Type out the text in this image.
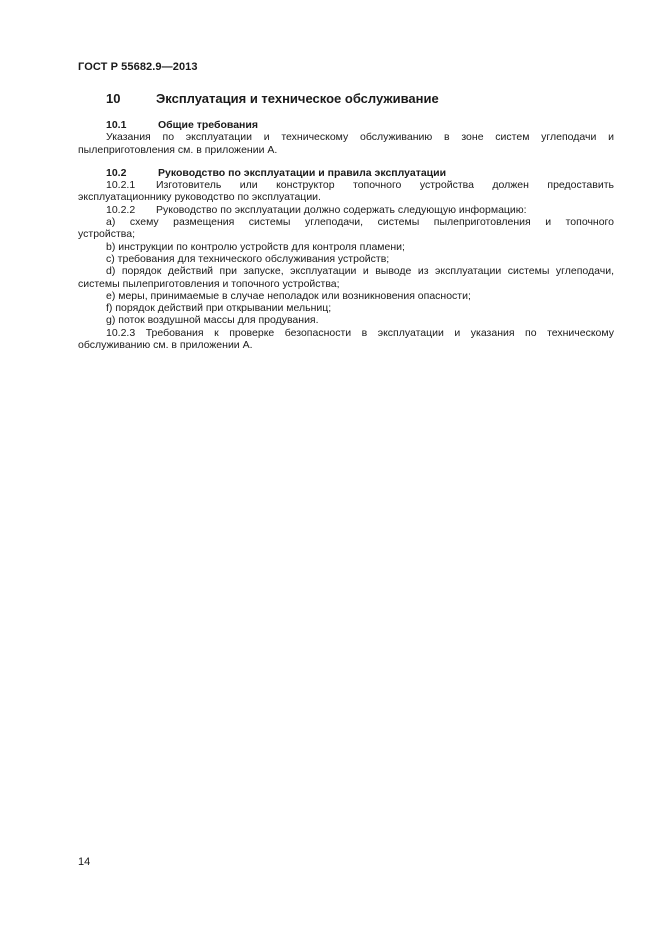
ГОСТ Р 55682.9—2013
10	Эксплуатация и техническое обслуживание

10.1	Общие требования

Указания по эксплуатации и техническому обслуживанию в зоне систем углеподачи и

пылеприготовления см. в приложении А.

10.2	Руководство по эксплуатации и правила эксплуатации

10.2.1 Изготовитель или конструктор топочного устройства должен предоставить

эксплуатационнику руководство по эксплуатации.

10.2.2 Руководство по эксплуатации должно содержать следующую информацию:

а) схему размещения системы углеподачи, системы пылеприготовления и топочного

устройства;

b) инструкции по контролю устройств для контроля пламени;

c) требования для технического обслуживания устройств;

d) порядок действий при запуске, эксплуатации и выводе из эксплуатации системы углеподачи,

системы пылеприготовления и топочного устройства;

е) меры, принимаемые в случае неполадок или возникновения опасности;

f) порядок действий при открывании мельниц;

g) поток воздушной массы для продувания.

10.2.3 Требования к проверке безопасности в эксплуатации и указания по техническому

обслуживанию см. в приложении А.

14
